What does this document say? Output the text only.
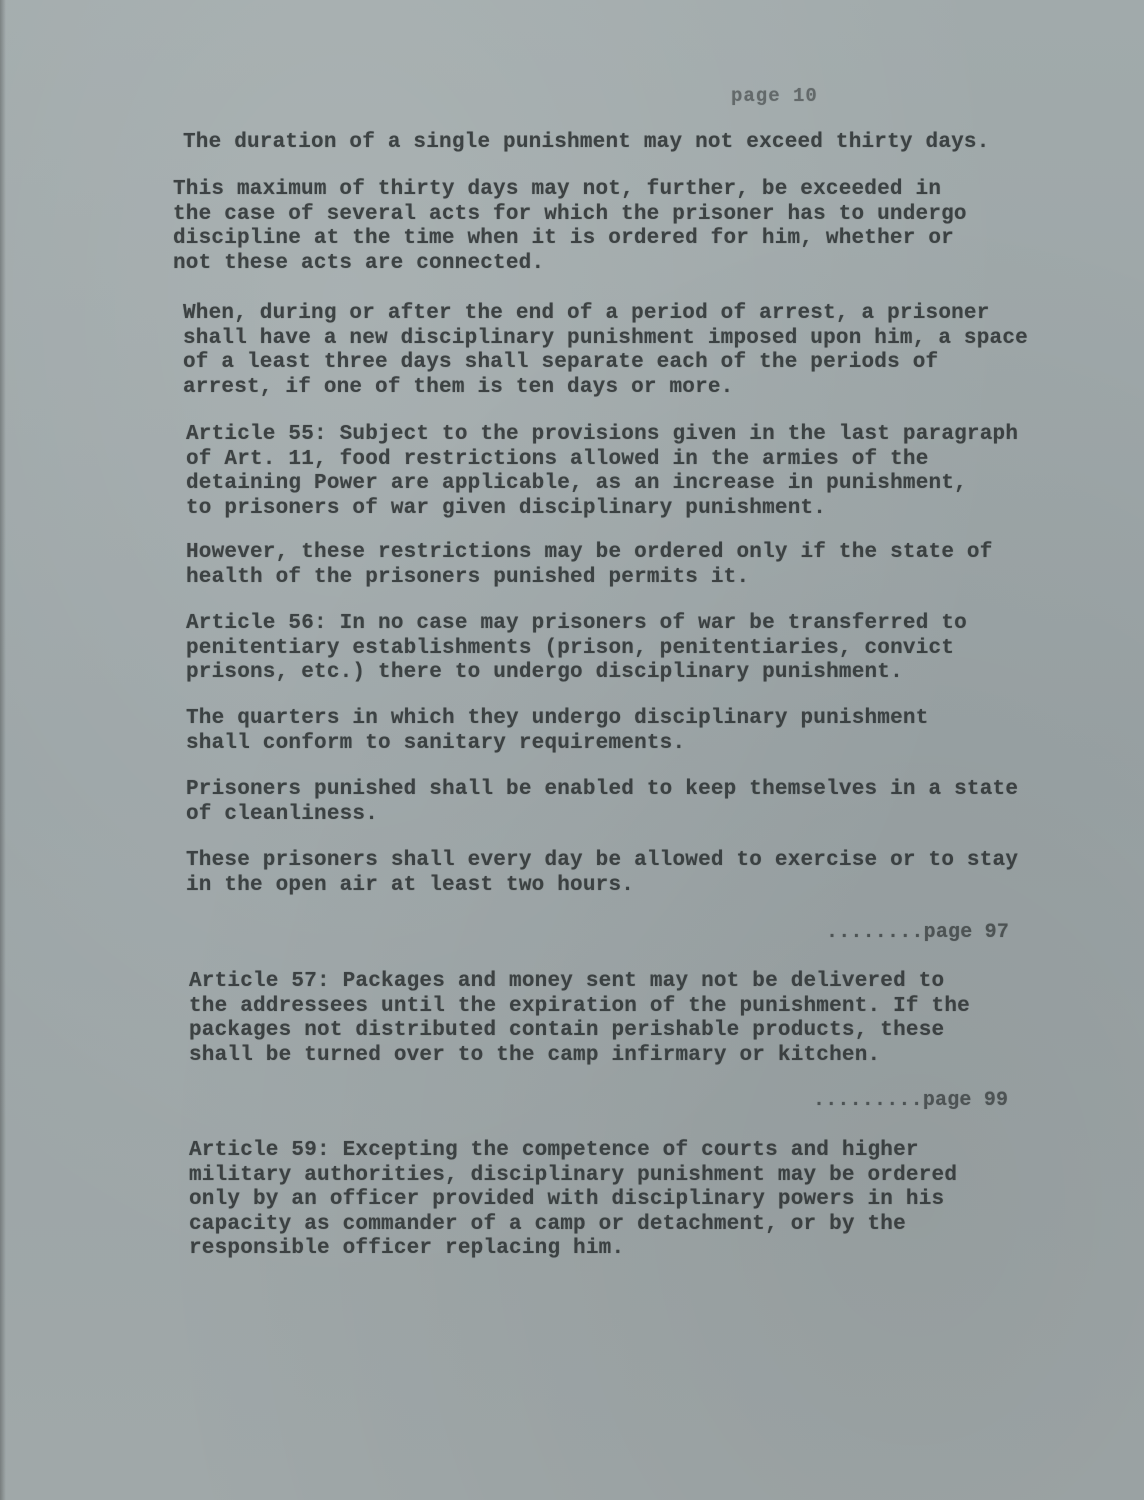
page 10
The duration of a single punishment may not exceed thirty days.
This maximum of thirty days may not, further, be exceeded in
the case of several acts for which the prisoner has to undergo
discipline at the time when it is ordered for him, whether or
not these acts are connected.
When, during or after the end of a period of arrest, a prisoner
shall have a new disciplinary punishment imposed upon him, a space
of a least three days shall separate each of the periods of
arrest, if one of them is ten days or more.
Article 55: Subject to the provisions given in the last paragraph
of Art. 11, food restrictions allowed in the armies of the
detaining Power are applicable, as an increase in punishment,
to prisoners of war given disciplinary punishment.
However, these restrictions may be ordered only if the state of
health of the prisoners punished permits it.
Article 56: In no case may prisoners of war be transferred to
penitentiary establishments (prison, penitentiaries, convict
prisons, etc.) there to undergo disciplinary punishment.
The quarters in which they undergo disciplinary punishment
shall conform to sanitary requirements.
Prisoners punished shall be enabled to keep themselves in a state
of cleanliness.
These prisoners shall every day be allowed to exercise or to stay
in the open air at least two hours.
........page 97
Article 57: Packages and money sent may not be delivered to
the addressees until the expiration of the punishment. If the
packages not distributed contain perishable products, these
shall be turned over to the camp infirmary or kitchen.
.........page 99
Article 59: Excepting the competence of courts and higher
military authorities, disciplinary punishment may be ordered
only by an officer provided with disciplinary powers in his
capacity as commander of a camp or detachment, or by the
responsible officer replacing him.
